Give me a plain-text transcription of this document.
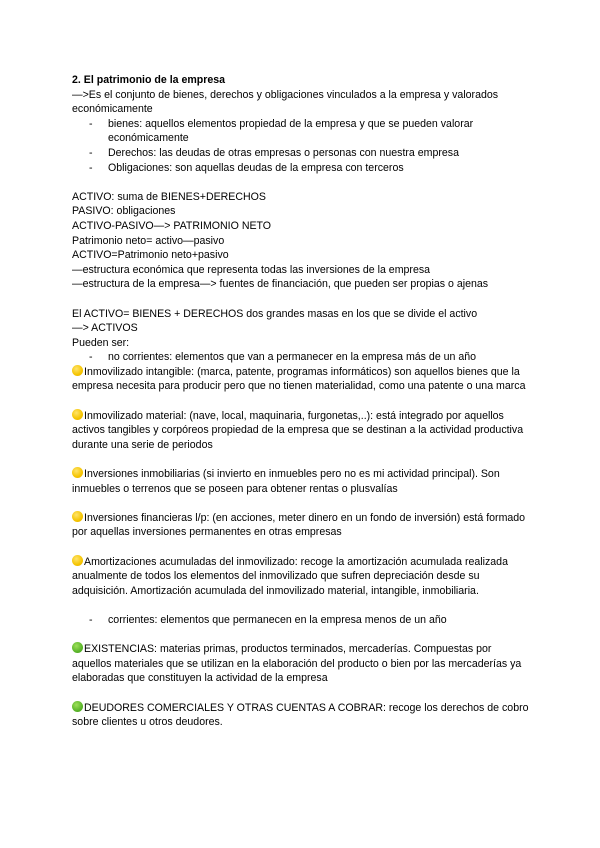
2. El patrimonio de la empresa

—>Es el conjunto de bienes, derechos y obligaciones vinculados a la empresa y valorados económicamente

- bienes: aquellos elementos propiedad de la empresa y que se pueden valorar económicamente
- Derechos: las deudas de otras empresas o personas con nuestra empresa
- Obligaciones: son aquellas deudas de la empresa con terceros

ACTIVO: suma de BIENES+DERECHOS

PASIVO: obligaciones

ACTIVO-PASIVO—> PATRIMONIO NETO

Patrimonio neto= activo—pasivo

ACTIVO=Patrimonio neto+pasivo

—estructura económica que representa todas las inversiones de la empresa

—estructura de la empresa—> fuentes de financiación, que pueden ser propias o ajenas

El ACTIVO= BIENES + DERECHOS dos grandes masas en los que se divide el activo

—> ACTIVOS

Pueden ser:

- no corrientes: elementos que van a permanecer en la empresa más de un año

Inmovilizado intangible: (marca, patente, programas informáticos) son aquellos bienes que la empresa necesita para producir pero que no tienen materialidad, como una patente o una marca

Inmovilizado material: (nave, local, maquinaria, furgonetas,..): está integrado por aquellos activos tangibles y corpóreos propiedad de la empresa que se destinan a la actividad productiva durante una serie de periodos

Inversiones inmobiliarias (si invierto en inmuebles pero no es mi actividad principal). Son inmuebles o terrenos que se poseen para obtener rentas o plusvalías

Inversiones financieras l/p: (en acciones, meter dinero en un fondo de inversión) está formado por aquellas inversiones permanentes en otras empresas

Amortizaciones acumuladas del inmovilizado: recoge la amortización acumulada realizada anualmente de todos los elementos del inmovilizado que sufren depreciación desde su adquisición. Amortización acumulada del inmovilizado material, intangible, inmobiliaria.

- corrientes: elementos que permanecen en la empresa menos de un año

EXISTENCIAS: materias primas, productos terminados, mercaderías. Compuestas por aquellos materiales que se utilizan en la elaboración del producto o bien por las mercaderías ya elaboradas que constituyen la actividad de la empresa

DEUDORES COMERCIALES Y OTRAS CUENTAS A COBRAR: recoge los derechos de cobro sobre clientes u otros deudores.
